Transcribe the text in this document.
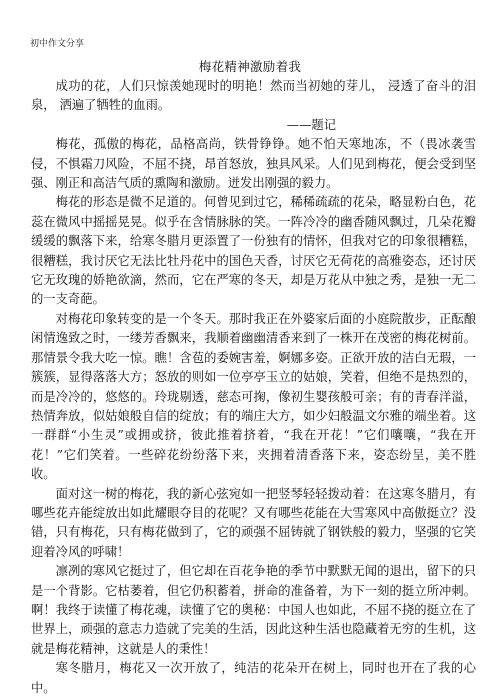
初中作文分享
梅花精神激励着我

成功的花，人们只惊羡她现时的明艳！然而当初她的芽儿， 浸透了奋斗的泪泉， 洒遍了牺牲的血雨。

——题记

梅花，孤傲的梅花，品格高尚，铁骨铮铮。她不怕天寒地冻，不（畏冰袭雪侵，不惧霜刀风险，不屈不挠，昂首怒放，独具风采。人们见到梅花，便会受到坚强、刚正和高洁气质的熏陶和激励。迸发出刚强的毅力。

梅花的形态是微不足道的。何曾见到过它，稀稀疏疏的花朵，略显粉白色，花蕊在微风中摇摇晃晃。似乎在含情脉脉的笑。一阵冷冷的幽香随风飘过，几朵花瓣缓缓的飘落下来，给寒冬腊月更添置了一份独有的情怀，但我对它的印象很糟糕，很糟糕，我讨厌它无法比牡丹花中的国色天香，讨厌它无荷花的高雅姿态，还讨厌它无玫瑰的娇艳欲滴，然而，它在严寒的冬天，却是万花从中独之秀，是独一无二的一支奇葩。

对梅花印象转变的是一个冬天。那时我正在外婆家后面的小庭院散步，正酝酿闲情逸致之时，一缕芳香飘来，我顺着幽幽清香来到了一株开在茂密的梅花树前。那情景令我大吃一惊。瞧！含苞的委婉害羞，婀娜多姿。正欲开放的洁白无瑕，一簇簇，显得落落大方；怒放的则如一位亭亭玉立的姑娘，笑着，但绝不是热烈的，而是冷冷的，悠悠的。玲珑剔透，慈态可掬，像初生婴孩般可亲；有的青春洋溢，热情奔放，似姑娘般自信的绽放；有的端庄大方，如少妇般温文尔雅的端坐着。这一群群“小生灵”或拥或挤，彼此推着挤着，“我在开花！”它们嚷嚷，“我在开花！”它们笑着。一些碎花纷纷落下来，夹拥着清香落下来，姿态纷呈，美不胜收。

面对这一树的梅花，我的新心弦宛如一把竖琴轻轻拨动着：在这寒冬腊月，有哪些花卉能绽放出如此耀眼夺目的花呢？又有哪些花能在大雪寒风中高傲挺立？没错，只有梅花，只有梅花做到了，它的顽强不屈铸就了钢铁般的毅力，坚强的它笑迎着冷风的呼啸！

凛冽的寒风它挺过了，但它却在百花争艳的季节中默默无闻的退出，留下的只是一个背影。它枯萎着，但它仍积蓄着，拼命的准备着，为下一刻的挺立所冲刺。啊！我终于读懂了梅花魂，读懂了它的奥秘：中国人也如此，不屈不挠的挺立在了世界上，顽强的意志力造就了完美的生活，因此这种生活也隐藏着无穷的生机，这就是梅花精神，这就是人的秉性！

寒冬腊月，梅花又一次开放了，纯洁的花朵开在树上，同时也开在了我的心中。
